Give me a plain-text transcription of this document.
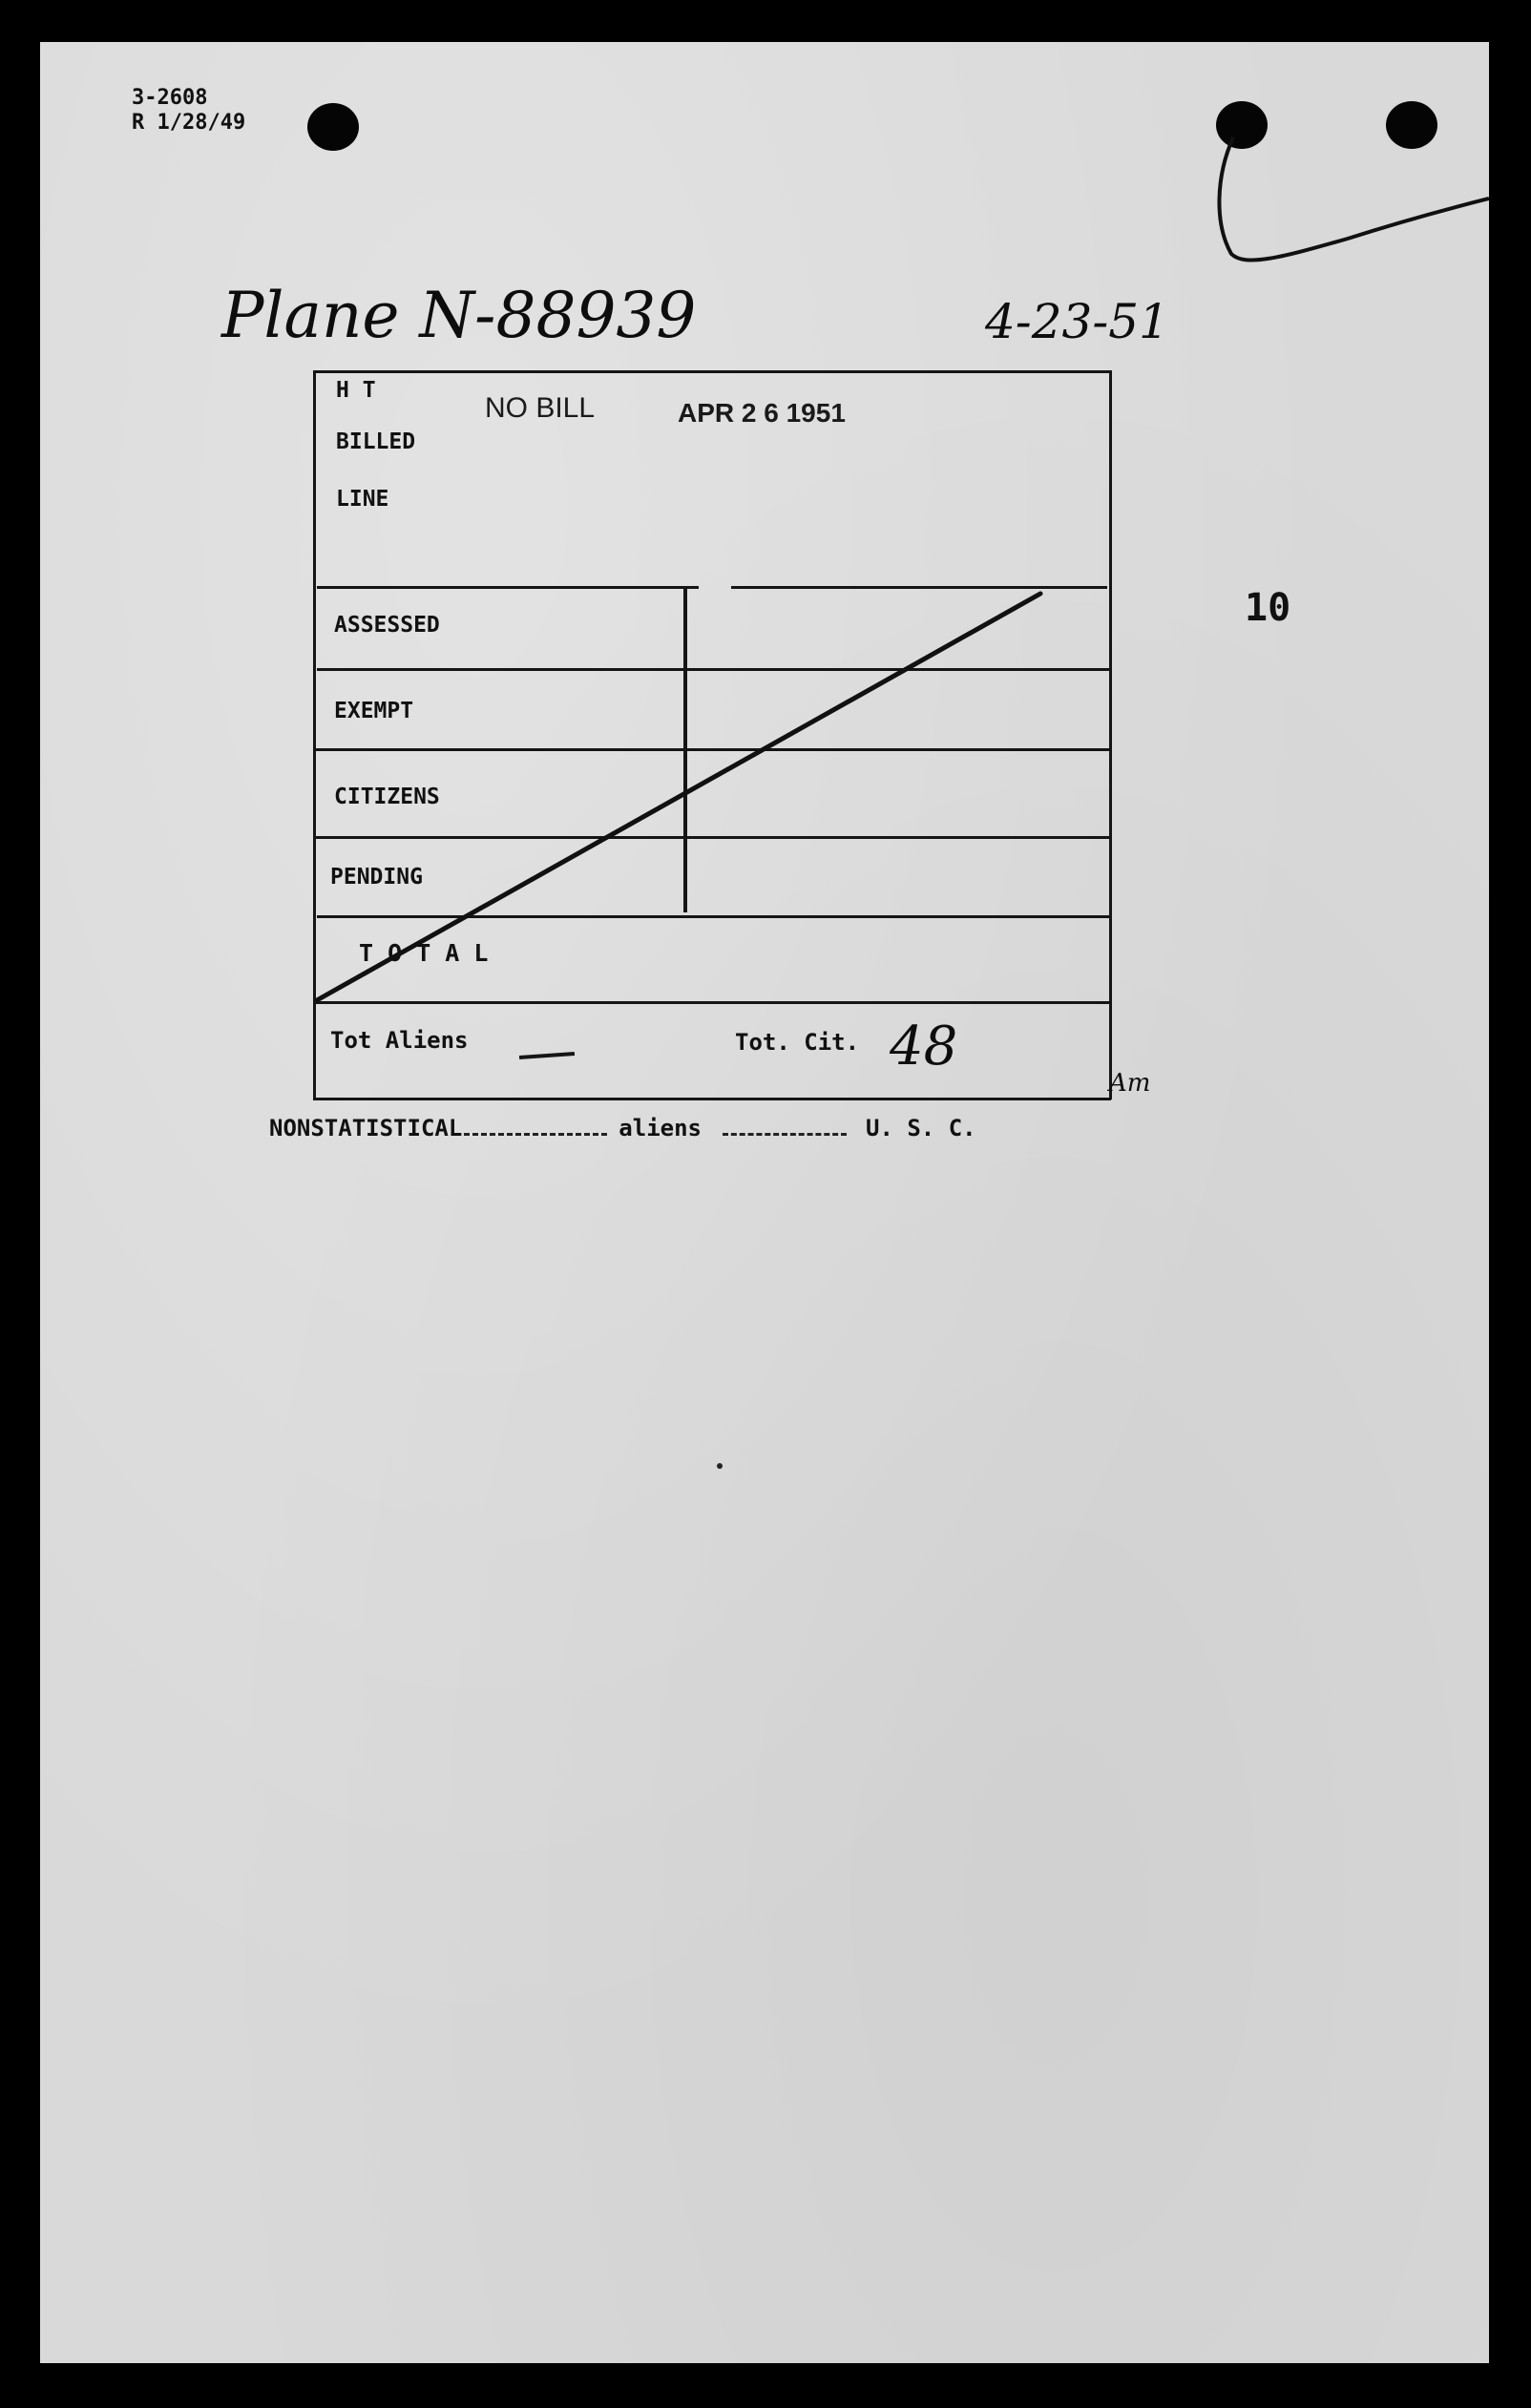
3-2608
R 1/28/49
Plane N-88939	4-23-51
10
H T
BILLED
LINE
NO BILL	APR 2 6 1951
ASSESSED
EXEMPT
CITIZENS
PENDING
T O T A L
Tot Aliens	Tot. Cit. 48
Am
NONSTATISTICAL	aliens	U. S. C.
